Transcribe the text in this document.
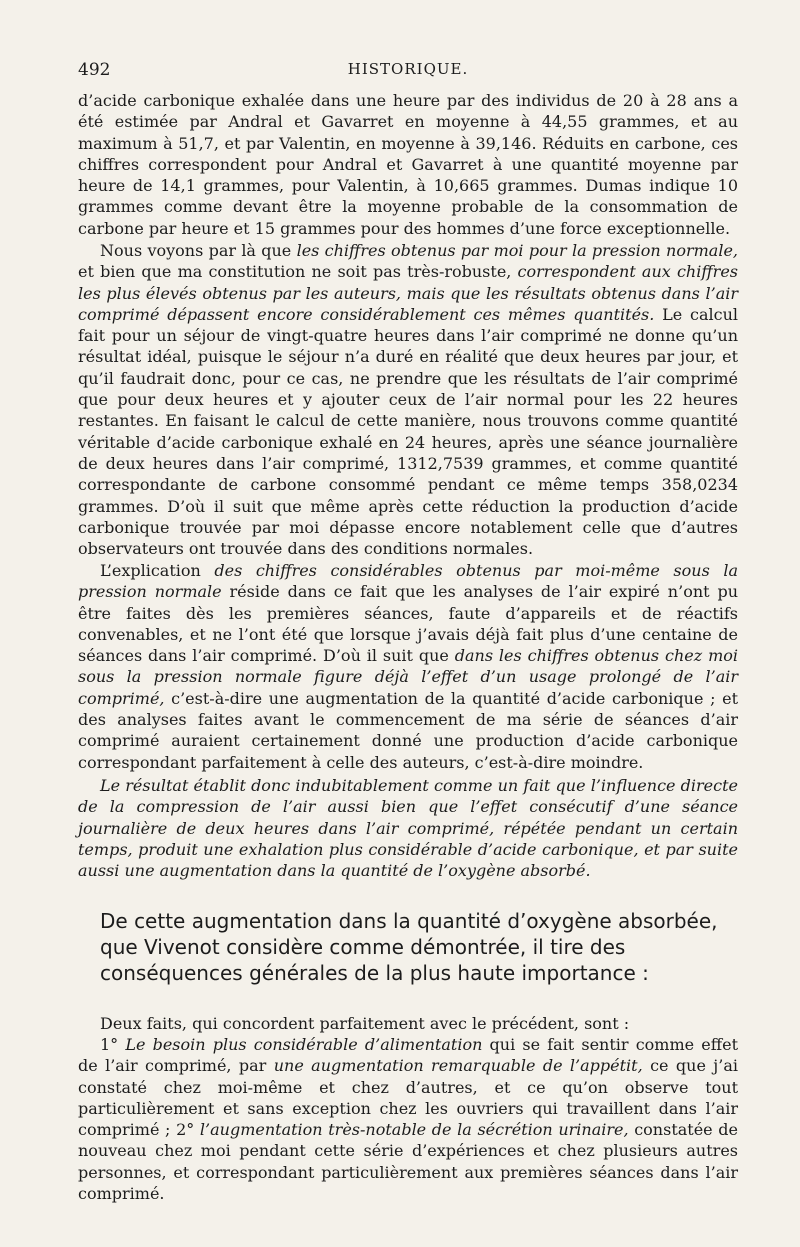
492	HISTORIQUE.

d’acide carbonique exhalée dans une heure par des individus de 20 à 28 ans a été estimée par Andral et Gavarret en moyenne à 44,55 grammes, et au maximum à 51,7, et par Valentin, en moyenne à 39,146. Réduits en carbone, ces chiffres correspondent pour Andral et Gavarret à une quantité moyenne par heure de 14,1 grammes, pour Valentin, à 10,665 grammes. Dumas indique 10 grammes comme devant être la moyenne probable de la consommation de carbone par heure et 15 grammes pour des hommes d’une force exceptionnelle.

Nous voyons par là que les chiffres obtenus par moi pour la pression normale, et bien que ma constitution ne soit pas très-robuste, correspondent aux chiffres les plus élevés obtenus par les auteurs, mais que les résultats obtenus dans l’air comprimé dépassent encore considérablement ces mêmes quantités. Le calcul fait pour un séjour de vingt-quatre heures dans l’air comprimé ne donne qu’un résultat idéal, puisque le séjour n’a duré en réalité que deux heures par jour, et qu’il faudrait donc, pour ce cas, ne prendre que les résultats de l’air comprimé que pour deux heures et y ajouter ceux de l’air normal pour les 22 heures restantes. En faisant le calcul de cette manière, nous trouvons comme quantité véritable d’acide carbonique exhalé en 24 heures, après une séance journalière de deux heures dans l’air comprimé, 1312,7539 grammes, et comme quantité correspondante de carbone consommé pendant ce même temps 358,0234 grammes. D’où il suit que même après cette réduction la production d’acide carbonique trouvée par moi dépasse encore notablement celle que d’autres observateurs ont trouvée dans des conditions normales.

L’explication des chiffres considérables obtenus par moi-même sous la pression normale réside dans ce fait que les analyses de l’air expiré n’ont pu être faites dès les premières séances, faute d’appareils et de réactifs convenables, et ne l’ont été que lorsque j’avais déjà fait plus d’une centaine de séances dans l’air comprimé. D’où il suit que dans les chiffres obtenus chez moi sous la pression normale figure déjà l’effet d’un usage prolongé de l’air comprimé, c’est-à-dire une augmentation de la quantité d’acide carbonique ; et des analyses faites avant le commencement de ma série de séances d’air comprimé auraient certainement donné une production d’acide carbonique correspondant parfaitement à celle des auteurs, c’est-à-dire moindre.

Le résultat établit donc indubitablement comme un fait que l’influence directe de la compression de l’air aussi bien que l’effet consécutif d’une séance journalière de deux heures dans l’air comprimé, répétée pendant un certain temps, produit une exhalation plus considérable d’acide carbonique, et par suite aussi une augmentation dans la quantité de l’oxygène absorbé.

De cette augmentation dans la quantité d’oxygène absorbée, que Vivenot considère comme démontrée, il tire des conséquences générales de la plus haute importance :

Deux faits, qui concordent parfaitement avec le précédent, sont :

1° Le besoin plus considérable d’alimentation qui se fait sentir comme effet de l’air comprimé, par une augmentation remarquable de l’appétit, ce que j’ai constaté chez moi-même et chez d’autres, et ce qu’on observe tout particulièrement et sans exception chez les ouvriers qui travaillent dans l’air comprimé ; 2° l’augmentation très-notable de la sécrétion urinaire, constatée de nouveau chez moi pendant cette série d’expériences et chez plusieurs autres personnes, et correspondant particulièrement aux premières séances dans l’air comprimé.
